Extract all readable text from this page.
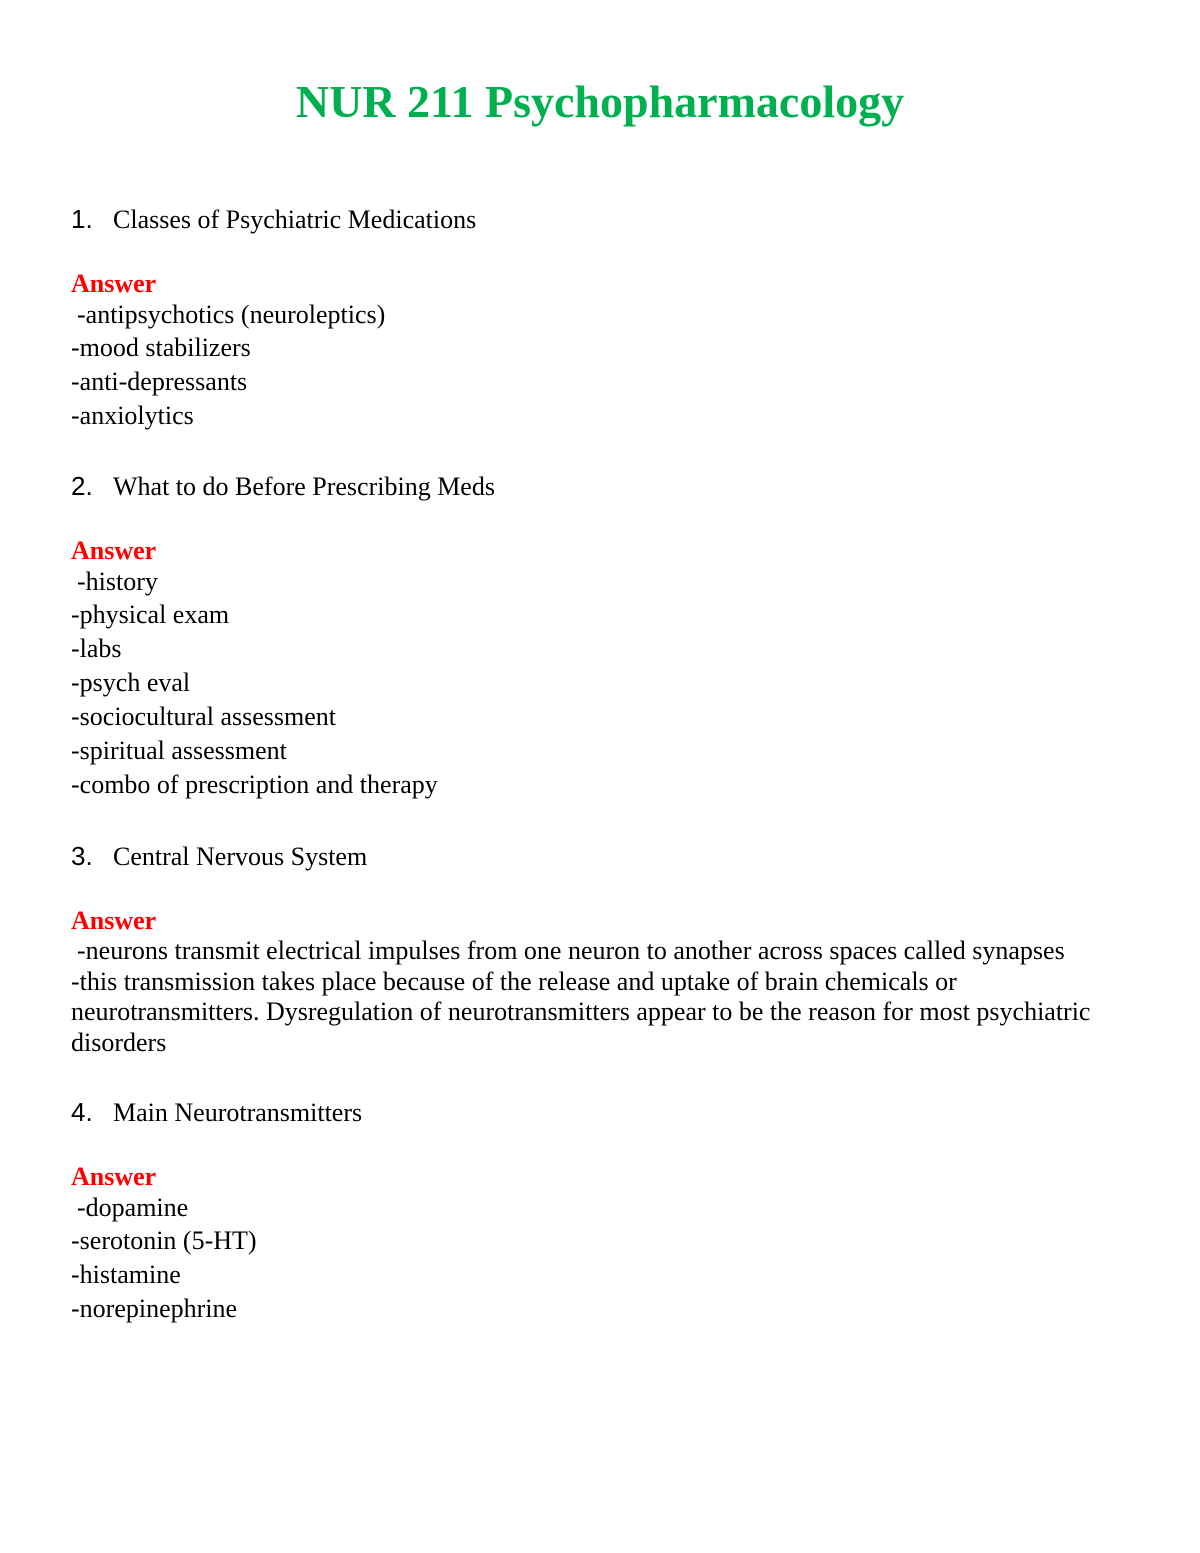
NUR 211 Psychopharmacology
1. Classes of Psychiatric Medications
Answer
-antipsychotics (neuroleptics)
-mood stabilizers
-anti-depressants
-anxiolytics
2. What to do Before Prescribing Meds
Answer
-history
-physical exam
-labs
-psych eval
-sociocultural assessment
-spiritual assessment
-combo of prescription and therapy
3. Central Nervous System
Answer

-neurons transmit electrical impulses from one neuron to another across spaces called synapses
-this transmission takes place because of the release and uptake of brain chemicals or
neurotransmitters. Dysregulation of neurotransmitters appear to be the reason for most psychiatric
disorders

4. Main Neurotransmitters
Answer
-dopamine
-serotonin (5-HT)
-histamine
-norepinephrine
